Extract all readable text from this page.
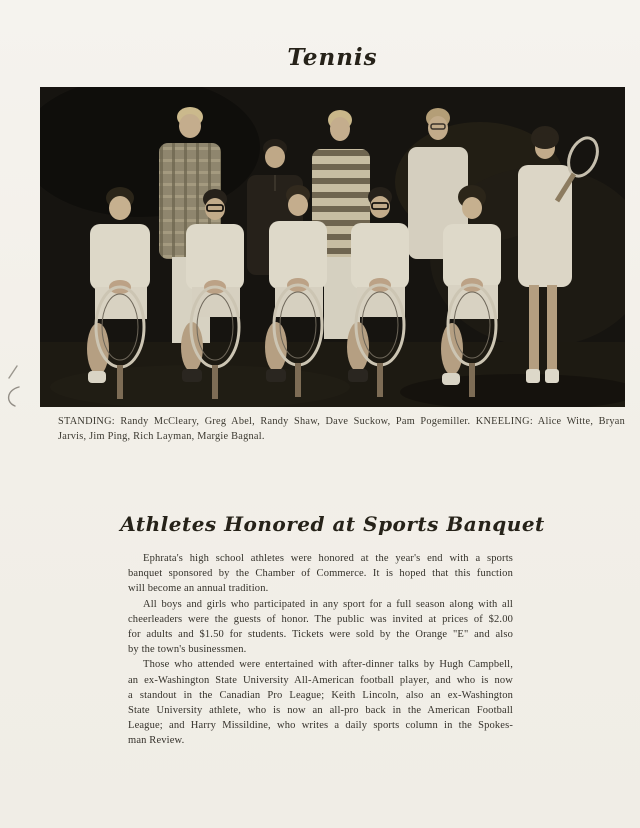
Tennis
STANDING: Randy McCleary, Greg Abel, Randy Shaw, Dave Suckow, Pam Pogemiller. KNEELING: Alice Witte, Bryan
Jarvis, Jim Ping, Rich Layman, Margie Bagnal.
Athletes Honored at Sports Banquet
Ephrata's high school athletes were honored at the year's end with a sports
banquet sponsored by the Chamber of Commerce. It is hoped that this function
will become an annual tradition.
All boys and girls who participated in any sport for a full season along with all
cheerleaders were the guests of honor. The public was invited at prices of $2.00
for adults and $1.50 for students. Tickets were sold by the Orange "E" and also
by the town's businessmen.
Those who attended were entertained with after-dinner talks by Hugh Campbell,
an ex-Washington State University All-American football player, and who is now
a standout in the Canadian Pro League; Keith Lincoln, also an ex-Washington
State University athlete, who is now an all-pro back in the American Football
League; and Harry Missildine, who writes a daily sports column in the Spokes-
man Review.
